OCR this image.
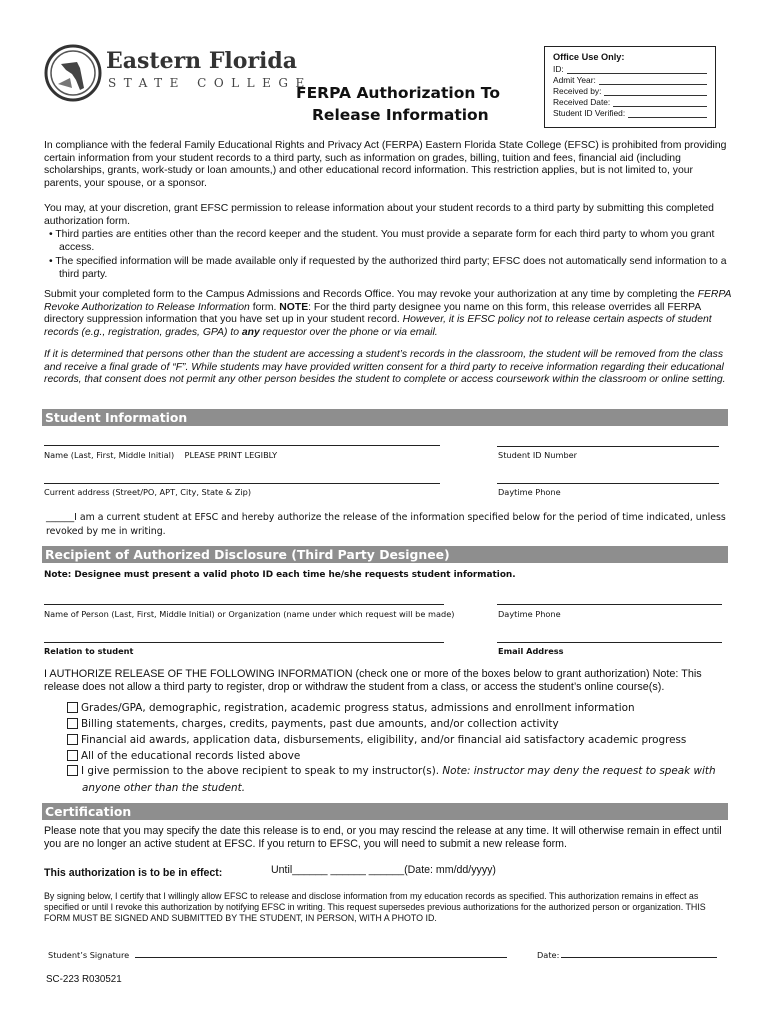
Eastern Florida
STATE COLLEGE
FERPA Authorization To
Release Information
Office Use Only:
ID:
Admit Year:
Received by:
Received Date:
Student ID Verified:
In compliance with the federal Family Educational Rights and Privacy Act (FERPA) Eastern Florida State College (EFSC) is prohibited from providing certain information from your student records to a third party, such as information on grades, billing, tuition and fees, financial aid (including scholarships, grants, work-study or loan amounts,) and other educational record information. This restriction applies, but is not limited to, your parents, your spouse, or a sponsor.
You may, at your discretion, grant EFSC permission to release information about your student records to a third party by submitting this completed authorization form.
• Third parties are entities other than the record keeper and the student. You must provide a separate form for each third party to whom you grant access.
• The specified information will be made available only if requested by the authorized third party; EFSC does not automatically send information to a third party.
Submit your completed form to the Campus Admissions and Records Office. You may revoke your authorization at any time by completing the FERPA Revoke Authorization to Release Information form. NOTE: For the third party designee you name on this form, this release overrides all FERPA directory suppression information that you have set up in your student record. However, it is EFSC policy not to release certain aspects of student records (e.g., registration, grades, GPA) to any requestor over the phone or via email.
If it is determined that persons other than the student are accessing a student’s records in the classroom, the student will be removed from the class and receive a final grade of “F”. While students may have provided written consent for a third party to receive information regarding their educational records, that consent does not permit any other person besides the student to complete or access coursework within the classroom or online setting.
Student Information
Name (Last, First, Middle Initial)    PLEASE PRINT LEGIBLY	Student ID Number
Current address (Street/PO, APT, City, State & Zip)	Daytime Phone
______I am a current student at EFSC and hereby authorize the release of the information specified below for the period of time indicated, unless revoked by me in writing.
Recipient of Authorized Disclosure (Third Party Designee)
Note: Designee must present a valid photo ID each time he/she requests student information.
Name of Person (Last, First, Middle Initial) or Organization (name under which request will be made)	Daytime Phone
Relation to student	Email Address
I AUTHORIZE RELEASE OF THE FOLLOWING INFORMATION (check one or more of the boxes below to grant authorization) Note: This release does not allow a third party to register, drop or withdraw the student from a class, or access the student’s online course(s).
Grades/GPA, demographic, registration, academic progress status, admissions and enrollment information
Billing statements, charges, credits, payments, past due amounts, and/or collection activity
Financial aid awards, application data, disbursements, eligibility, and/or financial aid satisfactory academic progress
All of the educational records listed above
I give permission to the above recipient to speak to my instructor(s). Note: instructor may deny the request to speak with
anyone other than the student.
Certification
Please note that you may specify the date this release is to end, or you may rescind the release at any time. It will otherwise remain in effect until you are no longer an active student at EFSC. If you return to EFSC, you will need to submit a new release form.
This authorization is to be in effect:	Until______ ______ ______(Date: mm/dd/yyyy)
By signing below, I certify that I willingly allow EFSC to release and disclose information from my education records as specified. This authorization remains in effect as specified or until I revoke this authorization by notifying EFSC in writing. This request supersedes previous authorizations for the authorized person or organization. THIS FORM MUST BE SIGNED AND SUBMITTED BY THE STUDENT, IN PERSON, WITH A PHOTO ID.
Student’s Signature	Date:
SC-223 R030521
